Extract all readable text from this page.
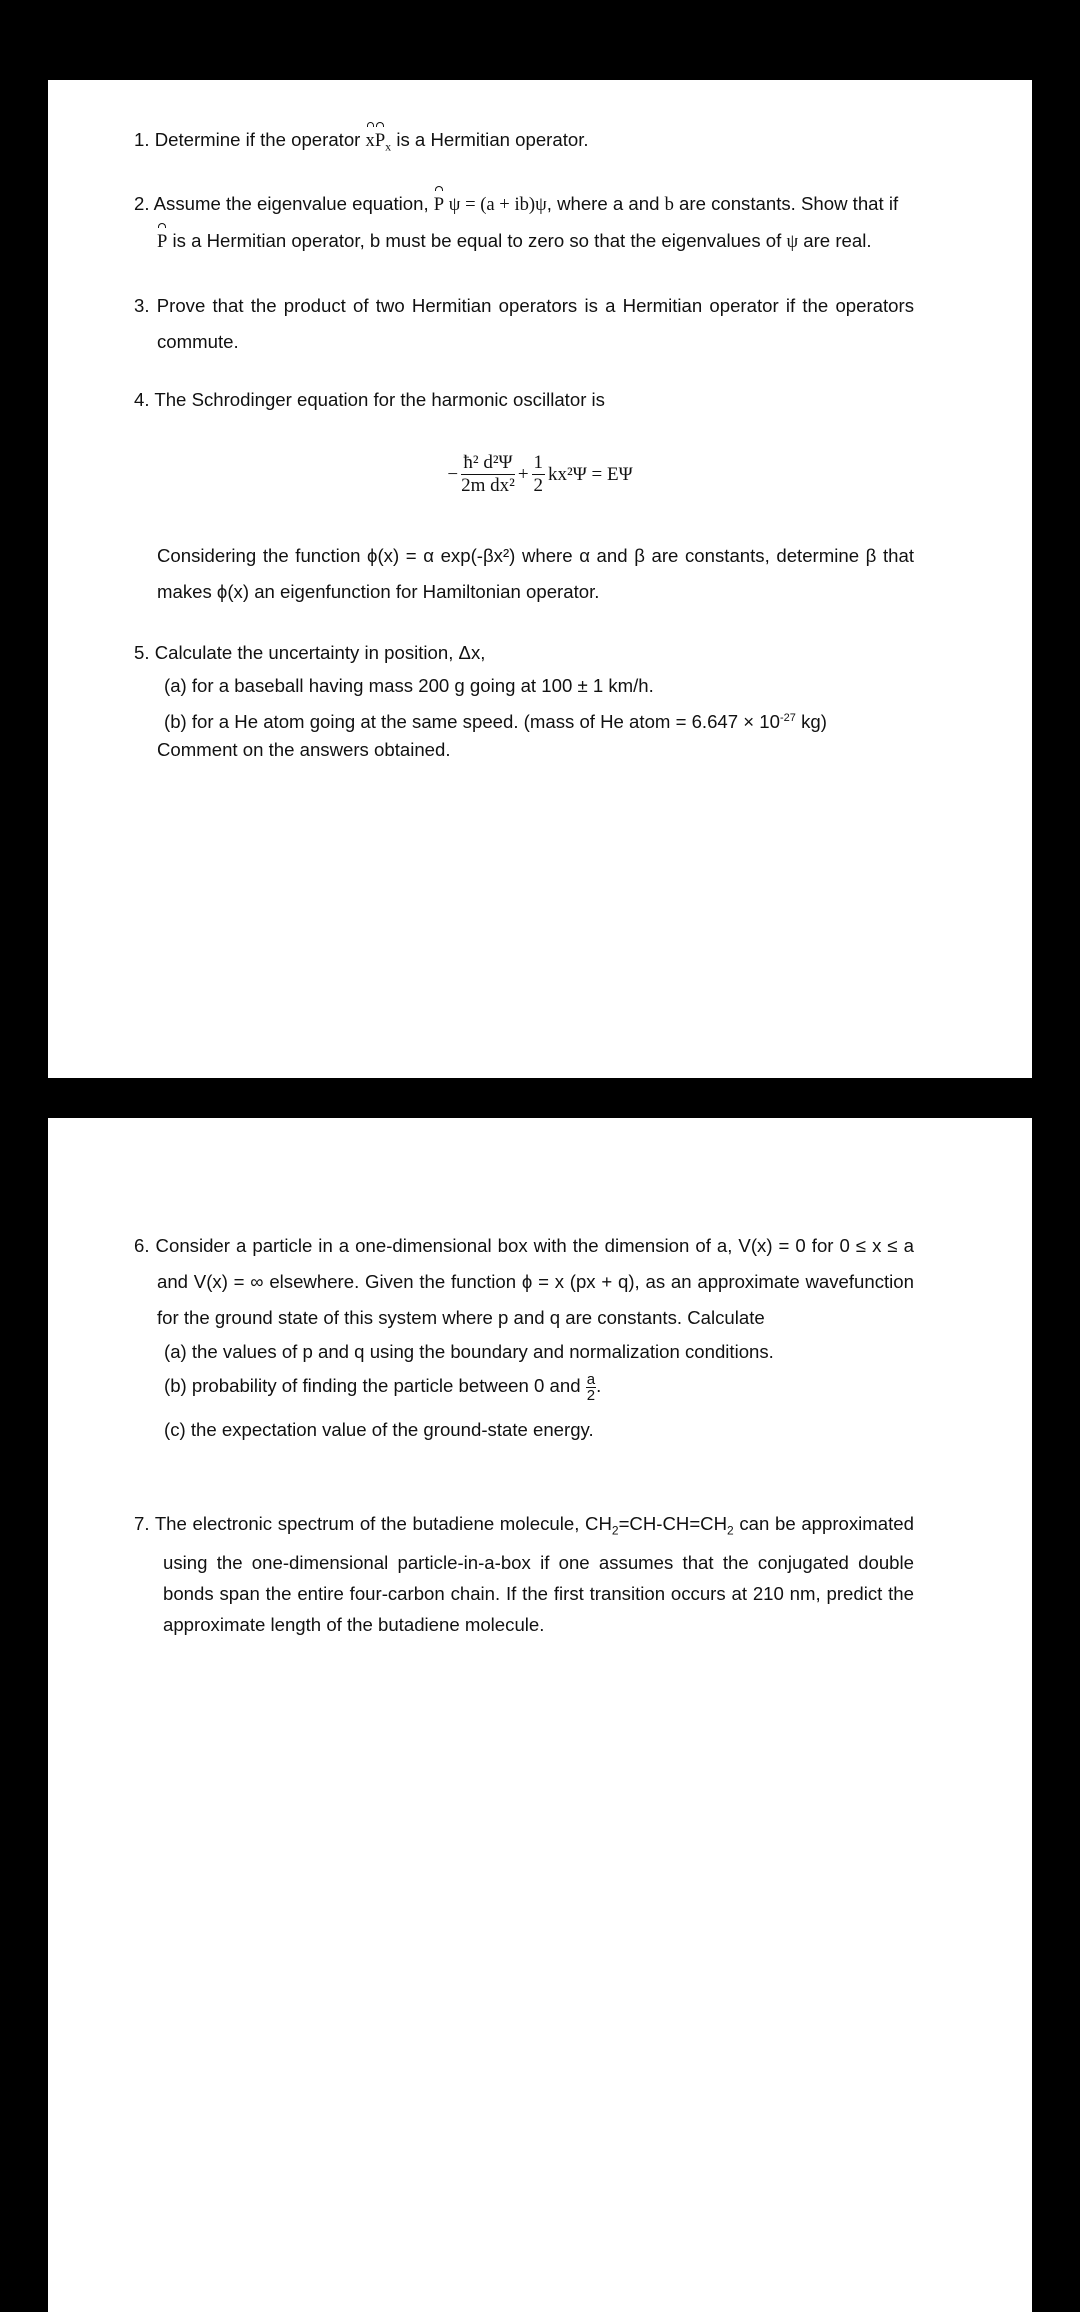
1. Determine if the operator $xP_x$ is a Hermitian operator.
2. Assume the eigenvalue equation, P ψ = (a + ib)ψ, where a and b are constants. Show that if
P is a Hermitian operator, b must be equal to zero so that the eigenvalues of ψ are real.
3. Prove that the product of two Hermitian operators is a Hermitian operator if the operators commute.
4. The Schrodinger equation for the harmonic oscillator is
− $\frac{\text{ħ² d²Ψ}}{\text{2m dx²}} + \frac{1}{2} kx^2\Psi = E\Psi$
Considering the function ϕ(x) = α exp(-βx²) where α and β are constants, determine β that makes ϕ(x) an eigenfunction for Hamiltonian operator.
5. Calculate the uncertainty in position, Δx,
(a) for a baseball having mass 200 g going at 100 ± 1 km/h.
(b) for a He atom going at the same speed. (mass of He atom = $6.647 \times 10^{-27}$ kg)
Comment on the answers obtained.
6. Consider a particle in a one-dimensional box with the dimension of a, V(x) = 0 for 0 ≤ x ≤ a and V(x) = ∞ elsewhere. Given the function ϕ = x (px + q), as an approximate wavefunction for the ground state of this system where p and q are constants. Calculate
(a) the values of p and q using the boundary and normalization conditions.
(b) probability of finding the particle between 0 and $\frac{a}{2}$ .
(c) the expectation value of the ground-state energy.
7. The electronic spectrum of the butadiene molecule, $CH_2=CH-CH=CH_2$ can be approximated using the one-dimensional particle-in-a-box if one assumes that the conjugated double bonds span the entire four-carbon chain. If the first transition occurs at 210 nm, predict the approximate length of the butadiene molecule.
